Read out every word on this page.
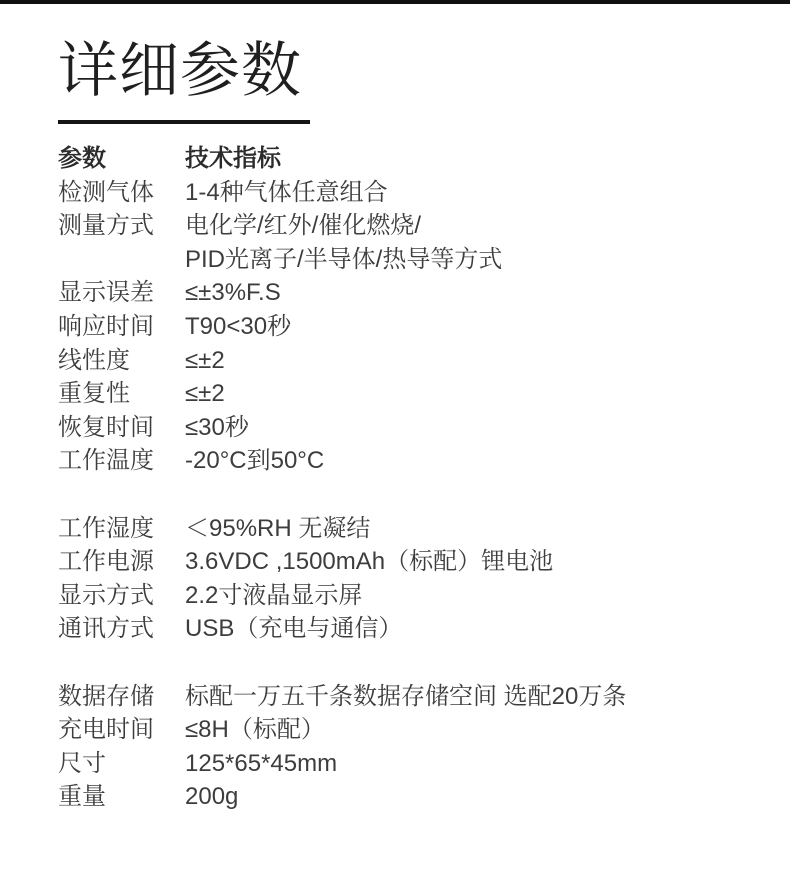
详细参数
参数	技术指标
检测气体	1-4种气体任意组合
测量方式	电化学/红外/催化燃烧/
PID光离子/半导体/热导等方式
显示误差	≤±3%F.S
响应时间	T90<30秒
线性度	≤±2
重复性	≤±2
恢复时间	≤30秒
工作温度	-20°C到50°C
工作湿度	＜95%RH 无凝结
工作电源	3.6VDC ,1500mAh（标配）锂电池
显示方式	2.2寸液晶显示屏
通讯方式	USB（充电与通信）
数据存储	标配一万五千条数据存储空间 选配20万条
充电时间	≤8H（标配）
尺寸	125*65*45mm
重量	200g
